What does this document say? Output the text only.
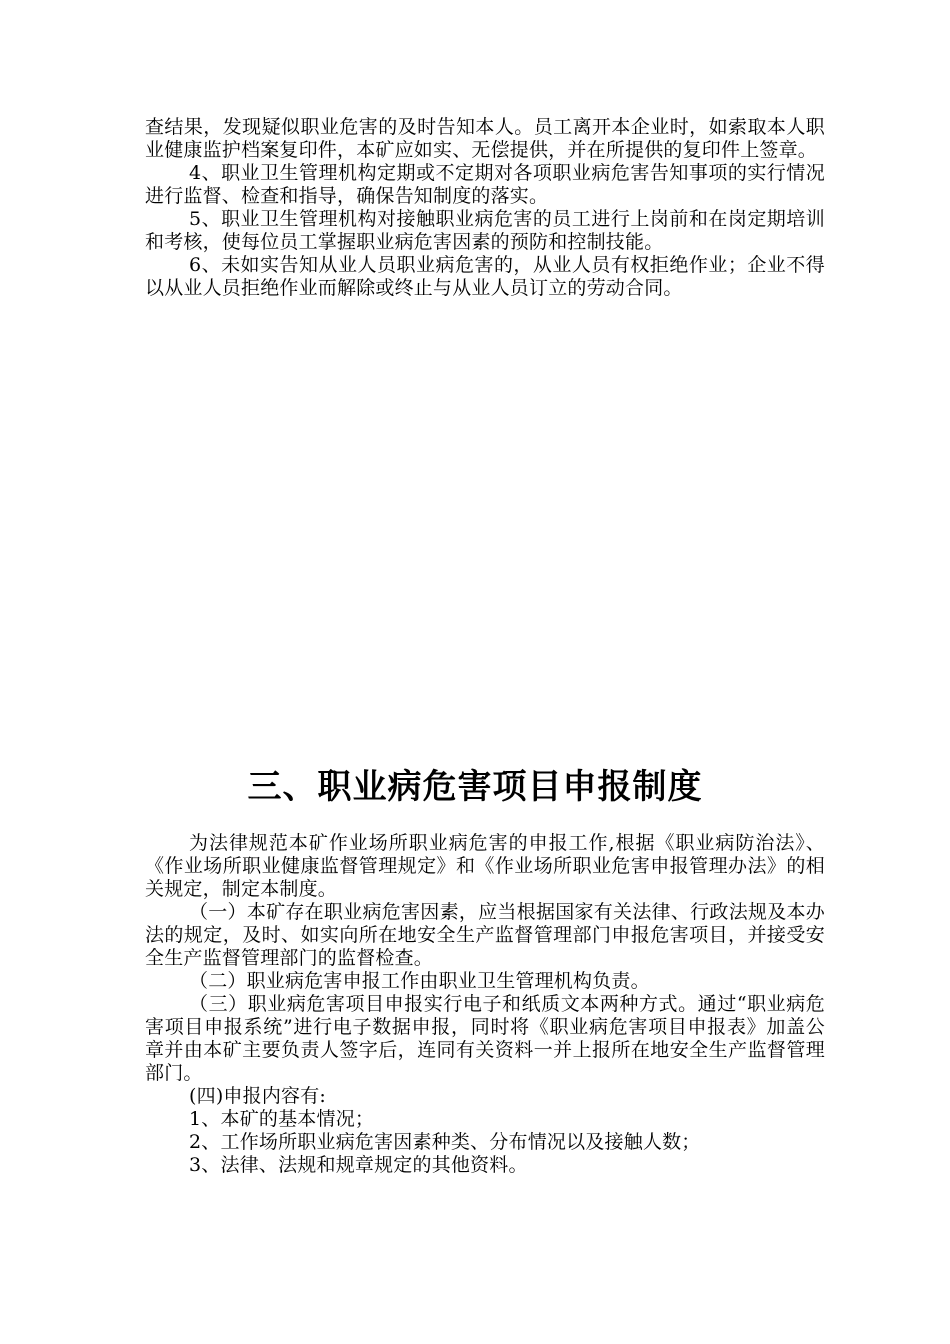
查结果，发现疑似职业危害的及时告知本人。员工离开本企业时，如索取本人职业健康监护档案复印件，本矿应如实、无偿提供，并在所提供的复印件上签章。

4、职业卫生管理机构定期或不定期对各项职业病危害告知事项的实行情况进行监督、检查和指导，确保告知制度的落实。

5、职业卫生管理机构对接触职业病危害的员工进行上岗前和在岗定期培训和考核，使每位员工掌握职业病危害因素的预防和控制技能。

6、未如实告知从业人员职业病危害的，从业人员有权拒绝作业；企业不得以从业人员拒绝作业而解除或终止与从业人员订立的劳动合同。

三、职业病危害项目申报制度

为法律规范本矿作业场所职业病危害的申报工作,根据《职业病防治法》、《作业场所职业健康监督管理规定》和《作业场所职业危害申报管理办法》的相关规定，制定本制度。

（一）本矿存在职业病危害因素，应当根据国家有关法律、行政法规及本办法的规定，及时、如实向所在地安全生产监督管理部门申报危害项目，并接受安全生产监督管理部门的监督检查。

（二）职业病危害申报工作由职业卫生管理机构负责。

（三）职业病危害项目申报实行电子和纸质文本两种方式。通过“职业病危害项目申报系统”进行电子数据申报，同时将《职业病危害项目申报表》加盖公章并由本矿主要负责人签字后，连同有关资料一并上报所在地安全生产监督管理部门。

(四)申报内容有:

1、本矿的基本情况；

2、工作场所职业病危害因素种类、分布情况以及接触人数；

3、法律、法规和规章规定的其他资料。
